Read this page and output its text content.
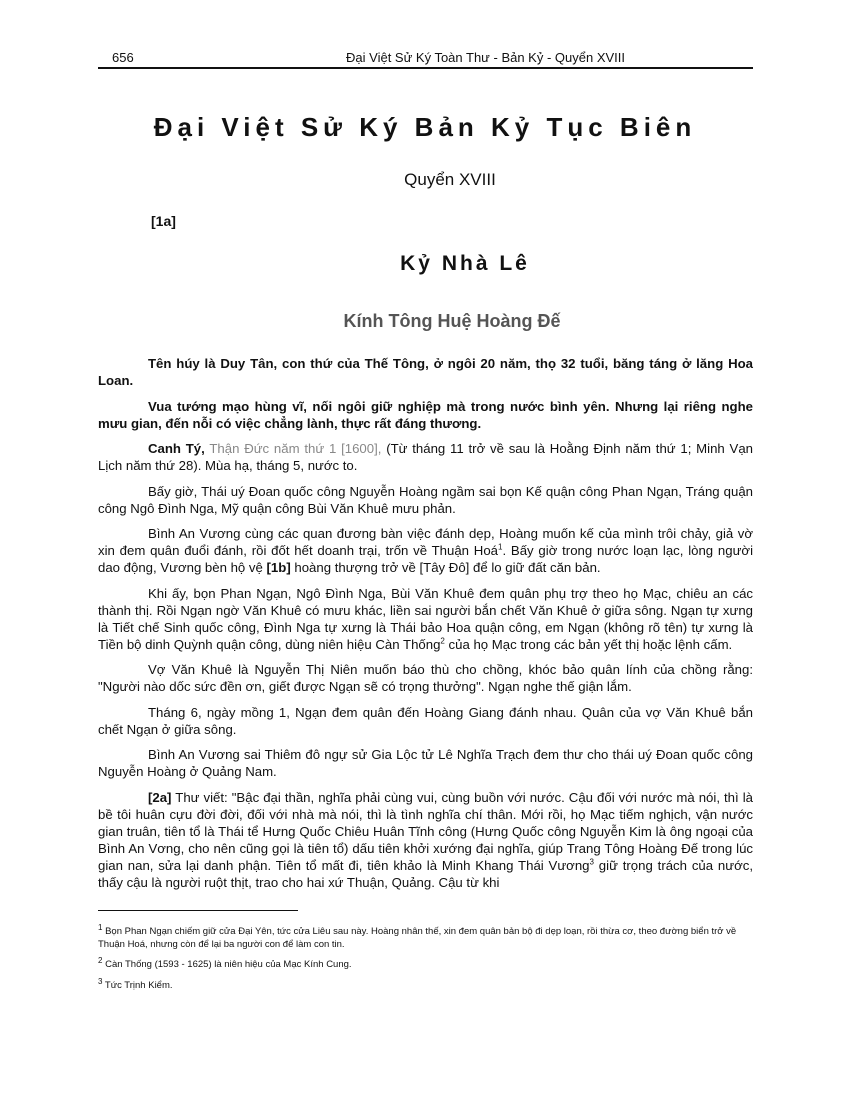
656	Đại Việt Sử Ký Toàn Thư - Bản Kỷ - Quyển XVIII
Đại Việt Sử Ký Bản Kỷ Tục Biên
Quyển XVIII
[1a]
Kỷ Nhà Lê
Kính Tông Huệ Hoàng Đế

Tên húy là Duy Tân, con thứ của Thế Tông, ở ngôi 20 năm, thọ 32 tuổi, băng táng ở lăng Hoa Loan.

Vua tướng mạo hùng vĩ, nối ngôi giữ nghiệp mà trong nước bình yên. Nhưng lại riêng nghe mưu gian, đến nỗi có việc chẳng lành, thực rất đáng thương.

Canh Tý, Thận Đức năm thứ 1 [1600], (Từ tháng 11 trở về sau là Hoằng Định năm thứ 1; Minh Vạn Lịch năm thứ 28). Mùa hạ, tháng 5, nước to.

Bấy giờ, Thái uý Đoan quốc công Nguyễn Hoàng ngầm sai bọn Kế quận công Phan Ngạn, Tráng quận công Ngô Đình Nga, Mỹ quận công Bùi Văn Khuê mưu phản.

Bình An Vương cùng các quan đương bàn việc đánh dẹp, Hoàng muốn kế của mình trôi chảy, giả vờ xin đem quân đuổi đánh, rồi đốt hết doanh trại, trốn về Thuận Hoá$^1$. Bấy giờ trong nước loạn lạc, lòng người dao động, Vương bèn hộ vệ [1b] hoàng thượng trở về [Tây Đô] để lo giữ đất căn bản.

Khi ấy, bọn Phan Ngạn, Ngô Đình Nga, Bùi Văn Khuê đem quân phụ trợ theo họ Mạc, chiêu an các thành thị. Rồi Ngạn ngờ Văn Khuê có mưu khác, liền sai người bắn chết Văn Khuê ở giữa sông. Ngạn tự xưng là Tiết chế Sinh quốc công, Đình Nga tự xưng là Thái bảo Hoa quận công, em Ngạn (không rõ tên) tự xưng là Tiền bộ dinh Quỳnh quận công, dùng niên hiệu Càn Thống$^2$ của họ Mạc trong các bản yết thị hoặc lệnh cấm.

Vợ Văn Khuê là Nguyễn Thị Niên muốn báo thù cho chồng, khóc bảo quân lính của chồng rằng: "Người nào dốc sức đền ơn, giết được Ngạn sẽ có trọng thưởng". Ngạn nghe thế giận lắm.

Tháng 6, ngày mồng 1, Ngạn đem quân đến Hoàng Giang đánh nhau. Quân của vợ Văn Khuê bắn chết Ngạn ở giữa sông.

Bình An Vương sai Thiêm đô ngự sử Gia Lộc tử Lê Nghĩa Trạch đem thư cho thái uý Đoan quốc công Nguyễn Hoàng ở Quảng Nam.

[2a] Thư viết: "Bậc đại thần, nghĩa phải cùng vui, cùng buồn với nước. Cậu đối với nước mà nói, thì là bề tôi huân cựu đời đời, đối với nhà mà nói, thì là tình nghĩa chí thân. Mới rồi, họ Mạc tiếm nghịch, vận nước gian truân, tiên tổ là Thái tể Hưng Quốc Chiêu Huân Tĩnh công (Hưng Quốc công Nguyễn Kim là ông ngoại của Bình An Vơng, cho nên cũng gọi là tiên tổ) dấu tiên khởi xướng đại nghĩa, giúp Trang Tông Hoàng Đế trong lúc gian nan, sửa lại danh phận. Tiên tổ mất đi, tiên khảo là Minh Khang Thái Vương$^3$ giữ trọng trách của nước, thấy cậu là người ruột thịt, trao cho hai xứ Thuận, Quảng. Cậu từ khi

$^1$ Bọn Phan Ngạn chiếm giữ cửa Đại Yên, tức cửa Liêu sau này. Hoàng nhân thế, xin đem quân bản bộ đi dẹp loạn, rồi thừa cơ, theo đường biển trở về Thuận Hoá, nhưng còn để lại ba người con để làm con tin.

$^2$ Càn Thống (1593 - 1625) là niên hiệu của Mạc Kính Cung.

$^3$ Tức Trịnh Kiểm.
